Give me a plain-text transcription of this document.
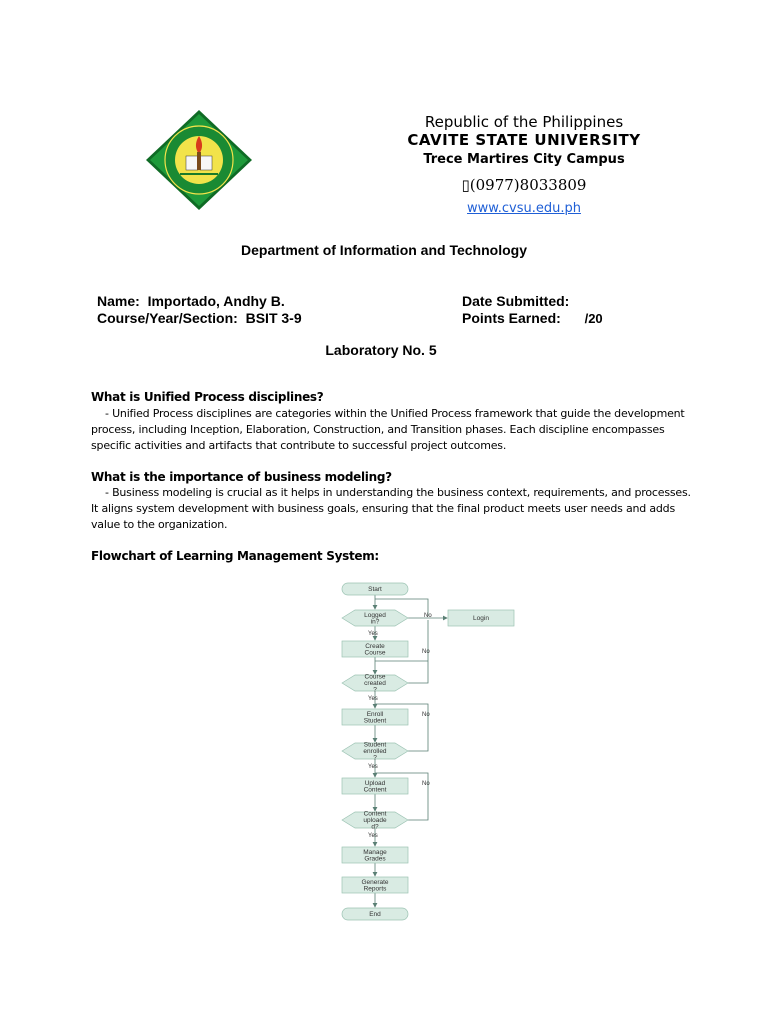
Republic of the Philippines
CAVITE STATE UNIVERSITY
Trece Martires City Campus
▯(0977)8033809
www.cvsu.edu.ph
Department of Information and Technology
Name: Importado, Andhy B.
Course/Year/Section: BSIT 3-9
Date Submitted:
Points Earned: /20
Laboratory No. 5
What is Unified Process disciplines?
- Unified Process disciplines are categories within the Unified Process framework that guide the development process, including Inception, Elaboration, Construction, and Transition phases. Each discipline encompasses specific activities and artifacts that contribute to successful project outcomes.
What is the importance of business modeling?
- Business modeling is crucial as it helps in understanding the business context, requirements, and processes. It aligns system development with business goals, ensuring that the final product meets user needs and adds value to the organization.
Flowchart of Learning Management System:
Start
Logged in?	Login
Create Course
Course created ?
Enroll Student
Student enrolled ?
Upload Content
Content uploade d?
Manage Grades
Generate Reports
End
No
No
No
No
Yes
Yes
Yes
Yes
